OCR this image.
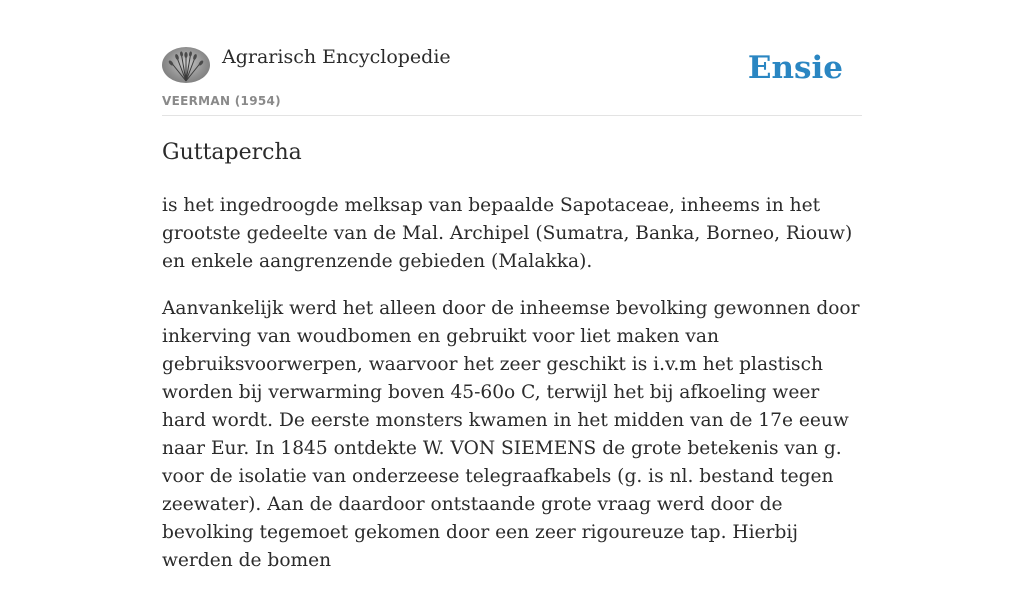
Agrarisch Encyclopedie
VEERMAN (1954)
Ensie
Guttapercha

is het ingedroogde melksap van bepaalde Sapotaceae, inheems in het grootste gedeelte van de Mal. Archipel (Sumatra, Banka, Borneo, Riouw) en enkele aangrenzende gebieden (Malakka).

Aanvankelijk werd het alleen door de inheemse bevolking gewonnen door inkerving van woudbomen en gebruikt voor liet maken van gebruiksvoorwerpen, waarvoor het zeer geschikt is i.v.m het plastisch worden bij verwarming boven 45-60o C, terwijl het bij afkoeling weer hard wordt. De eerste monsters kwamen in het midden van de 17e eeuw naar Eur. In 1845 ontdekte W. VON SIEMENS de grote betekenis van g. voor de isolatie van onderzeese telegraafkabels (g. is nl. bestand tegen zeewater). Aan de daardoor ontstaande grote vraag werd door de bevolking tegemoet gekomen door een zeer rigoureuze tap. Hierbij werden de bomen
